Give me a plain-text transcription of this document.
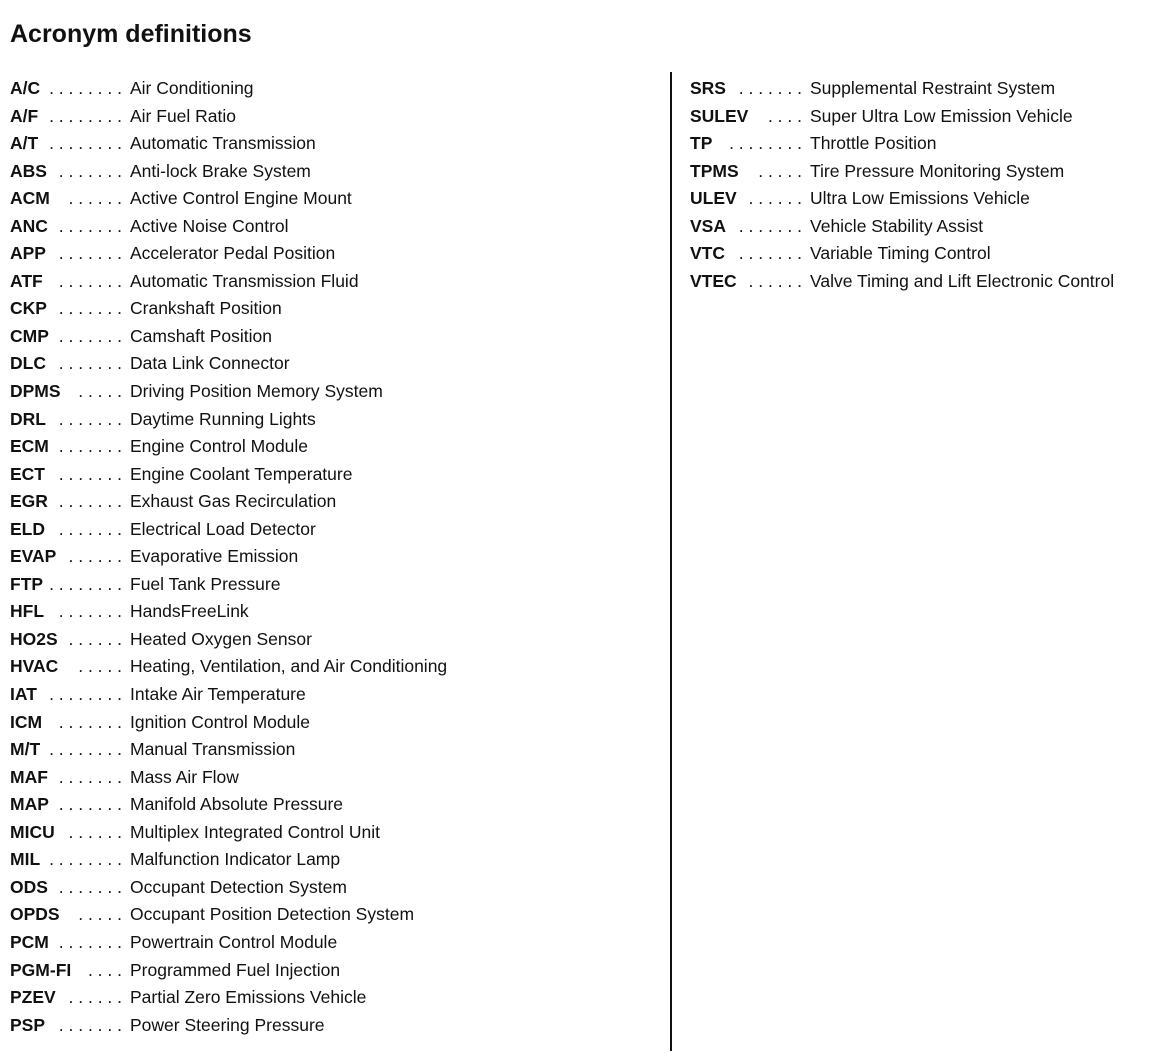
Acronym definitions
A/C . . . . . . . . Air Conditioning
A/F . . . . . . . . Air Fuel Ratio
A/T . . . . . . . . Automatic Transmission
ABS . . . . . . . Anti-lock Brake System
ACM . . . . . . Active Control Engine Mount
ANC . . . . . . . Active Noise Control
APP . . . . . . . Accelerator Pedal Position
ATF . . . . . . . Automatic Transmission Fluid
CKP . . . . . . . Crankshaft Position
CMP . . . . . . . Camshaft Position
DLC . . . . . . . Data Link Connector
DPMS . . . . . Driving Position Memory System
DRL . . . . . . . Daytime Running Lights
ECM . . . . . . . Engine Control Module
ECT . . . . . . . Engine Coolant Temperature
EGR . . . . . . . Exhaust Gas Recirculation
ELD . . . . . . . Electrical Load Detector
EVAP . . . . . . Evaporative Emission
FTP . . . . . . . . Fuel Tank Pressure
HFL . . . . . . . HandsFreeLink
HO2S . . . . . . Heated Oxygen Sensor
HVAC . . . . . Heating, Ventilation, and Air Conditioning
IAT . . . . . . . . Intake Air Temperature
ICM . . . . . . . Ignition Control Module
M/T . . . . . . . . Manual Transmission
MAF . . . . . . . Mass Air Flow
MAP . . . . . . . Manifold Absolute Pressure
MICU . . . . . . Multiplex Integrated Control Unit
MIL . . . . . . . . Malfunction Indicator Lamp
ODS . . . . . . . Occupant Detection System
OPDS . . . . . Occupant Position Detection System
PCM . . . . . . . Powertrain Control Module
PGM-FI . . . . Programmed Fuel Injection
PZEV . . . . . . Partial Zero Emissions Vehicle
PSP . . . . . . . Power Steering Pressure
SRS . . . . . . . Supplemental Restraint System
SULEV . . . . Super Ultra Low Emission Vehicle
TP . . . . . . . . Throttle Position
TPMS . . . . . Tire Pressure Monitoring System
ULEV . . . . . . Ultra Low Emissions Vehicle
VSA . . . . . . . Vehicle Stability Assist
VTC . . . . . . . Variable Timing Control
VTEC . . . . . . Valve Timing and Lift Electronic Control
